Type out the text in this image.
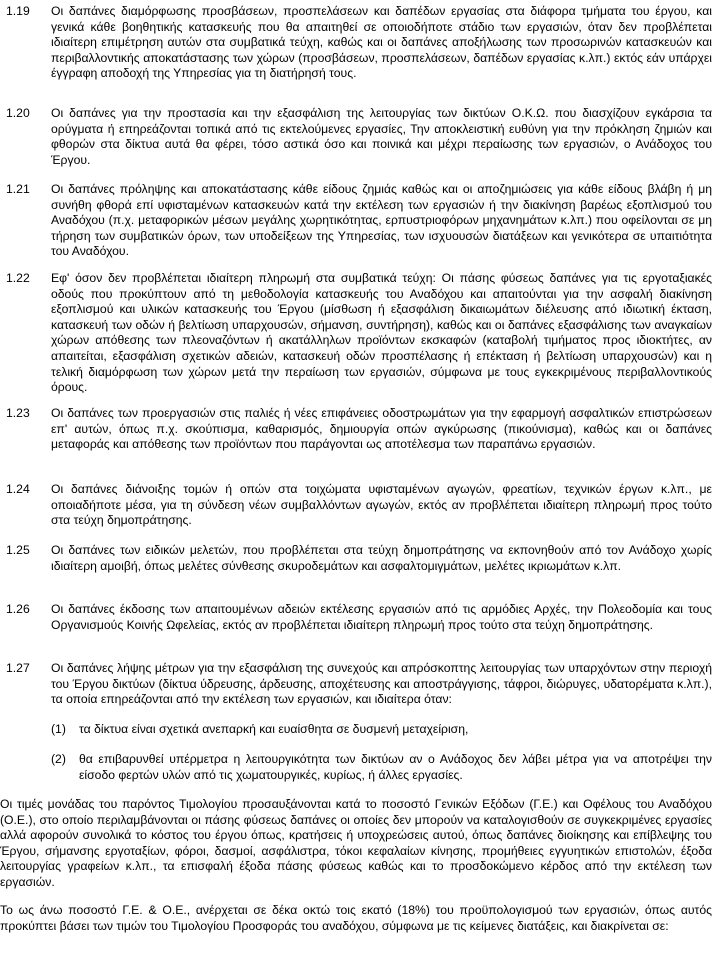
1.19	Οι δαπάνες διαμόρφωσης προσβάσεων, προσπελάσεων και δαπέδων εργασίας στα διάφορα τμήματα του έργου, και γενικά κάθε βοηθητικής κατασκευής που θα απαιτηθεί σε οποιοδήποτε στάδιο των εργασιών, όταν δεν προβλέπεται ιδιαίτερη επιμέτρηση αυτών στα συμβατικά τεύχη, καθώς και οι δαπάνες αποξήλωσης των προσωρινών κατασκευών και περιβαλλοντικής αποκατάστασης των χώρων (προσβάσεων, προσπελάσεων, δαπέδων εργασίας κ.λπ.) εκτός εάν υπάρχει έγγραφη αποδοχή της Υπηρεσίας για τη διατήρησή τους.
1.20	Οι δαπάνες για την προστασία και την εξασφάλιση της λειτουργίας των δικτύων Ο.Κ.Ω. που διασχίζουν εγκάρσια τα ορύγματα ή επηρεάζονται τοπικά από τις εκτελούμενες εργασίες, Την αποκλειστική ευθύνη για την πρόκληση ζημιών και φθορών στα δίκτυα αυτά θα φέρει, τόσο αστικά όσο και ποινικά και μέχρι περαίωσης των εργασιών, ο Ανάδοχος του Έργου.
1.21	Οι δαπάνες πρόληψης και αποκατάστασης κάθε είδους ζημιάς καθώς και οι αποζημιώσεις για κάθε είδους βλάβη ή μη συνήθη φθορά επί υφισταμένων κατασκευών κατά την εκτέλεση των εργασιών ή την διακίνηση βαρέως εξοπλισμού του Αναδόχου (π.χ. μεταφορικών μέσων μεγάλης χωρητικότητας, ερπυστριοφόρων μηχανημάτων κ.λπ.) που οφείλονται σε μη τήρηση των συμβατικών όρων, των υποδείξεων της Υπηρεσίας, των ισχυουσών διατάξεων και γενικότερα σε υπαιτιότητα του Αναδόχου.
1.22	Εφ' όσον δεν προβλέπεται ιδιαίτερη πληρωμή στα συμβατικά τεύχη: Οι πάσης φύσεως δαπάνες για τις εργοταξιακές οδούς που προκύπτουν από τη μεθοδολογία κατασκευής του Αναδόχου και απαιτούνται για την ασφαλή διακίνηση εξοπλισμού και υλικών κατασκευής του Έργου (μίσθωση ή εξασφάλιση δικαιωμάτων διέλευσης από ιδιωτική έκταση, κατασκευή των οδών ή βελτίωση υπαρχουσών, σήμανση, συντήρηση), καθώς και οι δαπάνες εξασφάλισης των αναγκαίων χώρων απόθεσης των πλεοναζόντων ή ακατάλληλων προϊόντων εκσκαφών (καταβολή τιμήματος προς ιδιοκτήτες, αν απαιτείται, εξασφάλιση σχετικών αδειών, κατασκευή οδών προσπέλασης ή επέκταση ή βελτίωση υπαρχουσών) και η τελική διαμόρφωση των χώρων μετά την περαίωση των εργασιών, σύμφωνα με τους εγκεκριμένους περιβαλλοντικούς όρους.
1.23	Οι δαπάνες των προεργασιών στις παλιές ή νέες επιφάνειες οδοστρωμάτων για την εφαρμογή ασφαλτικών επιστρώσεων επ' αυτών, όπως π.χ. σκούπισμα, καθαρισμός, δημιουργία οπών αγκύρωσης (πικούνισμα), καθώς και οι δαπάνες μεταφοράς και απόθεσης των προϊόντων που παράγονται ως αποτέλεσμα των παραπάνω εργασιών.
1.24	Οι δαπάνες διάνοιξης τομών ή οπών στα τοιχώματα υφισταμένων αγωγών, φρεατίων, τεχνικών έργων κ.λπ., με οποιαδήποτε μέσα, για τη σύνδεση νέων συμβαλλόντων αγωγών, εκτός αν προβλέπεται ιδιαίτερη πληρωμή προς τούτο στα τεύχη δημοπράτησης.
1.25	Οι δαπάνες των ειδικών μελετών, που προβλέπεται στα τεύχη δημοπράτησης να εκπονηθούν από τον Ανάδοχο χωρίς ιδιαίτερη αμοιβή, όπως μελέτες σύνθεσης σκυροδεμάτων και ασφαλτομιγμάτων, μελέτες ικριωμάτων κ.λπ.
1.26	Οι δαπάνες έκδοσης των απαιτουμένων αδειών εκτέλεσης εργασιών από τις αρμόδιες Αρχές, την Πολεοδομία και τους Οργανισμούς Κοινής Ωφελείας, εκτός αν προβλέπεται ιδιαίτερη πληρωμή προς τούτο στα τεύχη δημοπράτησης.
1.27	Οι δαπάνες λήψης μέτρων για την εξασφάλιση της συνεχούς και απρόσκοπτης λειτουργίας των υπαρχόντων στην περιοχή του Έργου δικτύων (δίκτυα ύδρευσης, άρδευσης, αποχέτευσης και αποστράγγισης, τάφροι, διώρυγες, υδατορέματα κ.λπ.), τα οποία επηρεάζονται από την εκτέλεση των εργασιών, και ιδιαίτερα όταν:
(1) τα δίκτυα είναι σχετικά ανεπαρκή και ευαίσθητα σε δυσμενή μεταχείριση,
(2) θα επιβαρυνθεί υπέρμετρα η λειτουργικότητα των δικτύων αν ο Ανάδοχος δεν λάβει μέτρα για να αποτρέψει την είσοδο φερτών υλών από τις χωματουργικές, κυρίως, ή άλλες εργασίες.
Οι τιμές μονάδας του παρόντος Τιμολογίου προσαυξάνονται κατά το ποσοστό Γενικών Εξόδων (Γ.Ε.) και Οφέλους του Αναδόχου (Ο.Ε.), στο οποίο περιλαμβάνονται οι πάσης φύσεως δαπάνες οι οποίες δεν μπορούν να καταλογισθούν σε συγκεκριμένες εργασίες αλλά αφορούν συνολικά το κόστος του έργου όπως, κρατήσεις ή υποχρεώσεις αυτού, όπως δαπάνες διοίκησης και επίβλεψης του Έργου, σήμανσης εργοταξίων, φόροι, δασμοί, ασφάλιστρα, τόκοι κεφαλαίων κίνησης, προμήθειες εγγυητικών επιστολών, έξοδα λειτουργίας γραφείων κ.λπ., τα επισφαλή έξοδα πάσης φύσεως καθώς και το προσδοκώμενο κέρδος από την εκτέλεση των εργασιών.
Το ως άνω ποσοστό Γ.Ε. & Ο.Ε., ανέρχεται σε δέκα οκτώ τοις εκατό (18%) του προϋπολογισμού των εργασιών, όπως αυτός προκύπτει βάσει των τιμών του Τιμολογίου Προσφοράς του αναδόχου, σύμφωνα με τις κείμενες διατάξεις, και διακρίνεται σε:
